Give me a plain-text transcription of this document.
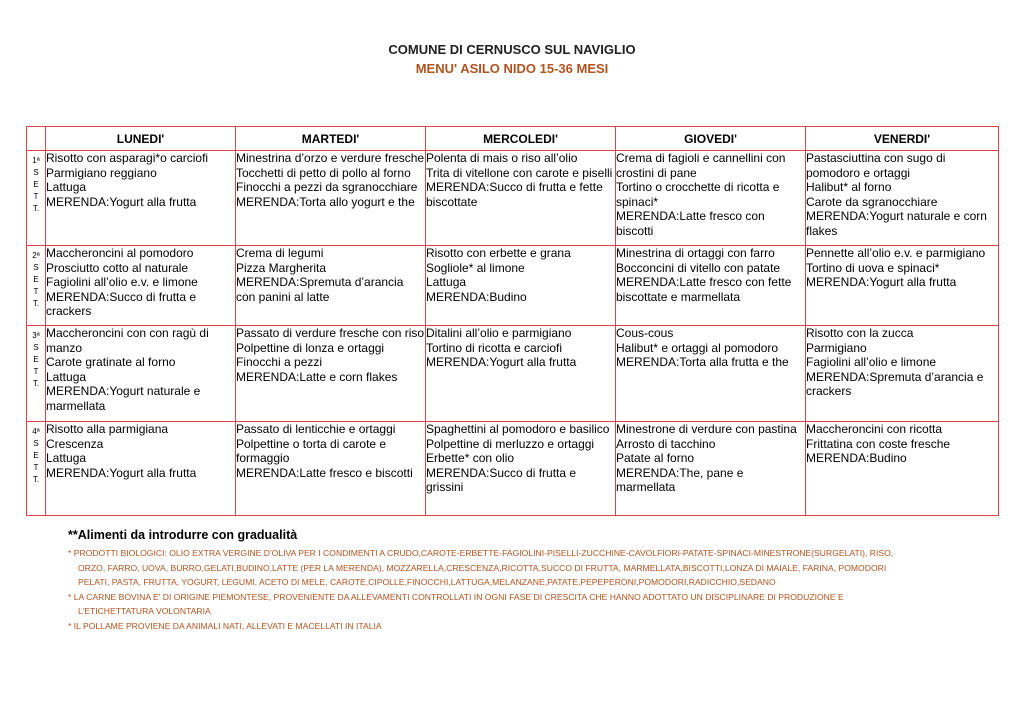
COMUNE DI CERNUSCO SUL NAVIGLIO
MENU' ASILO NIDO 15-36 MESI
	LUNEDI'	MARTEDI'	MERCOLEDI'	GIOVEDI'	VENERDI'

1ª
S
E
T
T.	Risotto con asparagi*o carciofi
Parmigiano reggiano
Lattuga
MERENDA:Yogurt alla frutta	Minestrina d’orzo e verdure fresche
Tocchetti di petto di pollo al forno
Finocchi a pezzi da sgranocchiare
MERENDA:Torta allo yogurt e the	Polenta di mais o riso all’olio
Trita di vitellone con carote e piselli
MERENDA:Succo di frutta e fette biscottate	Crema di fagioli e cannellini con crostini di pane
Tortino o crocchette di ricotta e spinaci*
MERENDA:Latte fresco con biscotti	Pastasciuttina con sugo di pomodoro e ortaggi
Halibut* al forno
Carote da sgranocchiare
MERENDA:Yogurt naturale e corn flakes

2ª
S
E
T
T.	Maccheroncini al pomodoro
Prosciutto cotto al naturale
Fagiolini all’olio e.v. e limone
MERENDA:Succo di frutta e crackers	Crema di legumi
Pizza Margherita
MERENDA:Spremuta d’arancia con panini al latte	Risotto con erbette e grana
Sogliole* al limone
Lattuga
MERENDA:Budino	Minestrina di ortaggi con farro
Bocconcini di vitello con patate
MERENDA:Latte fresco con fette biscottate e marmellata	Pennette all’olio e.v. e parmigiano
Tortino di uova e spinaci*
MERENDA:Yogurt alla frutta

3ª
S
E
T
T.	Maccheroncini con con ragù di manzo
Carote gratinate al forno
Lattuga
MERENDA:Yogurt naturale e marmellata	Passato di verdure fresche con riso
Polpettine di lonza e ortaggi
Finocchi a pezzi
MERENDA:Latte e corn flakes	Ditalini all’olio e parmigiano
Tortino di ricotta e carciofi
MERENDA:Yogurt alla frutta	Cous-cous
Halibut* e ortaggi al pomodoro
MERENDA:Torta alla frutta e the	Risotto con la zucca
Parmigiano
Fagiolini all’olio e limone
MERENDA:Spremuta d’arancia e crackers

4ª
S
E
T
T.	Risotto alla parmigiana
Crescenza
Lattuga
MERENDA:Yogurt alla frutta	Passato di lenticchie e ortaggi
Polpettine o torta di carote e formaggio
MERENDA:Latte fresco e biscotti	Spaghettini al pomodoro e basilico
Polpettine di merluzzo e ortaggi
Erbette* con olio
MERENDA:Succo di frutta e grissini	Minestrone di verdure con pastina
Arrosto di tacchino
Patate al forno
MERENDA:The, pane e marmellata	Maccheroncini con ricotta
Frittatina con coste fresche
MERENDA:Budino
**Alimenti da introdurre con gradualità
* PRODOTTI BIOLOGICI: OLIO EXTRA VERGINE D'OLIVA PER I CONDIMENTI A CRUDO,CAROTE-ERBETTE-FAGIOLINI-PISELLI-ZUCCHINE-CAVOLFIORI-PATATE-SPINACI-MINESTRONE(SURGELATI), RISO,
ORZO, FARRO, UOVA, BURRO,GELATI,BUDINO,LATTE (PER LA MERENDA), MOZZARELLA,CRESCENZA,RICOTTA,SUCCO DI FRUTTA, MARMELLATA,BISCOTTI,LONZA DI MAIALE, FARINA, POMODORI
PELATI, PASTA, FRUTTA, YOGURT, LEGUMI, ACETO DI MELE, CAROTE,CIPOLLE,FINOCCHI,LATTUGA,MELANZANE,PATATE,PEPEPERONI,POMODORI,RADICCHIO,SEDANO
* LA CARNE BOVINA E' DI ORIGINE PIEMONTESE, PROVENIENTE DA ALLEVAMENTI CONTROLLATI IN OGNI FASE DI CRESCITA CHE HANNO ADOTTATO UN DISCIPLINARE DI PRODUZIONE E
L’ETICHETTATURA VOLONTARIA
* IL POLLAME PROVIENE DA ANIMALI NATI, ALLEVATI E MACELLATI IN ITALIA
